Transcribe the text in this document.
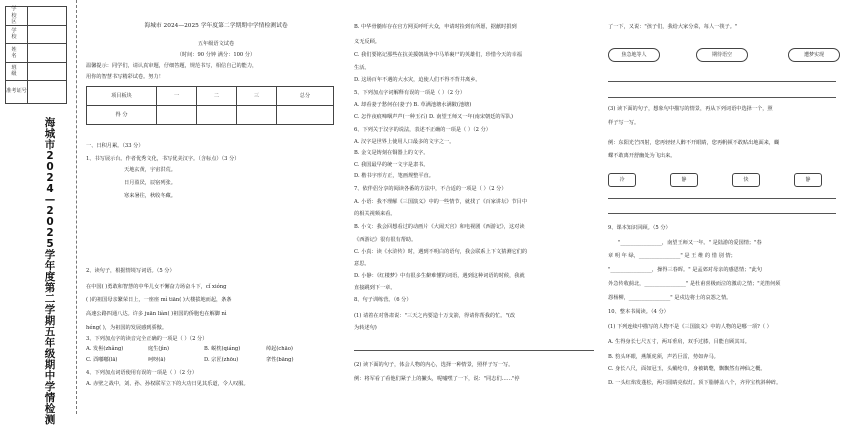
学 校 区
学 校
姓 名
班 级
准考证号
海城市2024—2025学年度第二学期五年级期中学情检测
海城市 2024—2025 学年度第二学期期中学情检测试卷
五年级语文试卷
（时间：90 分钟 满分：100 分）
温馨提示：同学们，请认真审题，仔细答题，规范书写，相信自己的能力，
用你的智慧书写精彩试卷。努力！
项目板块	一	二	三	总分
得 分				
一、日积月累。（33 分）
1、书写展示台。作者优秀文化，书写优美汉字。（含标点）（3 分）
天地玄黄，宇宙洪荒。
日月盈昃，辰宿列张。
寒来暑往，秋收冬藏。
2、读句子，根据情境写词语。（5 分）
在中国( )勇敢和智慧的中华儿女不懈奋力场奋斗下，cǐ xióng
( )的祖国母亲繁荣日上，一座座 mì tiān( )大楼拔地而起，条条
高速公路四通八达。许多 juān liàn( )祖国的侨胞也在解脚 nì
héng( )，为祖国的发展感到骄傲。
3、下列加点字的读音完全正确的一项是（ ）（2 分）
A. 发髻(zhǎng)	庭生(jìn)	B. 蜕枕(qiáng)	绰起(chāo)
C. 酉嘟嘟(lā)	呵呀(ā)	D. 宗匠(zhōu)	挛性(bāng)
4、下列加点词语使用有误的一项是（ ）（2 分）
A. 赤壁之战中，刘、孙、孙权联军立下的大功日见其乐道，令人叹服。
B. 中华骨髓库存在官方网页呼吁大众，申请时捡到有所愿，据献时捐到
义无反顾。
C. 我们要铭记那些在抗美援朝战争中马革裹尸的英雄们，珍惜今天的幸福
生活。
D. 这场百年不遇的大水灾，迫使人们不得不背井离乡。
5、下列加点字词解释有误的一项是（ ）（2 分）
A. 却看妻子愁何在(妻子) B. 草满池塘水满陂(池塘)
C. 怎作夜痕啼咽声声(一种玉石) D. 南望王师又一年(南宋朝廷的军队)
6、下列关于汉字的说法，表述不正确的一项是（ ）（2 分）
A. 汉字是世界上使用人口最多的文字之一。
B. 金文是铸刻在铜器上的文字。
C. 我国最早的统一文字是隶书。
D. 楷书字形方正，笔画规整平直。
7、依伴侣分享的阅读各番的方法中，不合适的一项是（ ）（2 分）
A. 小语：我不理解《三国演义》中的一些情节，就找了《百家讲坛》节目中
的相关视频来看。
B. 小文：我会回想看过的动画片《大闹天宫》和电视剧《西游记》，这对读
《西游记》很有很有帮助。
C. 小真：读《水浒传》时，遇到不明白的语句，我会联系上下文猜测它们的
意思。
D. 小静：《红楼梦》中有很多生僻难懂的词语，遇到这种词语的时候，我就
直接跳到下一章。
8、句子训练营。（6 分）
(1) 请着在对鲁肃说："三天之内要造十万支箭，得请你帮我的忙。"(改
为转述句)
(2) 读下面的句子，体会人物的内心，选择一种情景，照样子写一写。
例：将军看了看他们紧子上的撇头，呢嘘嘿了一下，说："同志们……"停
了一下，又说："孩子们，我给大家分菜，每人一筷子。"
焦急地等人	期待语空	遭梦实现
(3) 读下面的句子，想象句中描写的情景，再从下列词语中选择一个，照
样子写一写。
例：东阳光芒四射，您再轻轻人醉不开眼睛，您再帆顿不敢贴出地面来，蝴
蝶不敢离开舒幽处为飞出来。
冷	静	快	静
9、课本知识回顾。（5 分）
"________________，南望王师又一年。" 是陆游的爱国情；"春
章 明 年 绿，________________" 是 王 维 的 惜 别 情；
"________________，操得三春晖。" 是孟郊对母亲的感恩情；"此句
外急传收蓟北，________________" 是杜甫喜极而泣的激动之情；"羌笛何须
怨杨柳，________________" 是戍边将士的哀怨之情。
10、整本书阅读。（4 分）
(1) 下列连续中描写的人物不是《三国演义》中的人物的是哪一项?（ ）
A. 生得身长七尺五寸，两耳垂肩，双手过膝，目能自顾其耳。
B. 豹头环眼，燕颔虎须，声若巨雷，势如奔马。
C. 身长八尺，面如冠玉，头戴纶巾，身被鹤氅，飘飘然有神仙之概。
D. 一头红焰发蓬松，两只圆睛亮似灯。顶下脂膊盖八个，齐异宝枕斜种砗。
